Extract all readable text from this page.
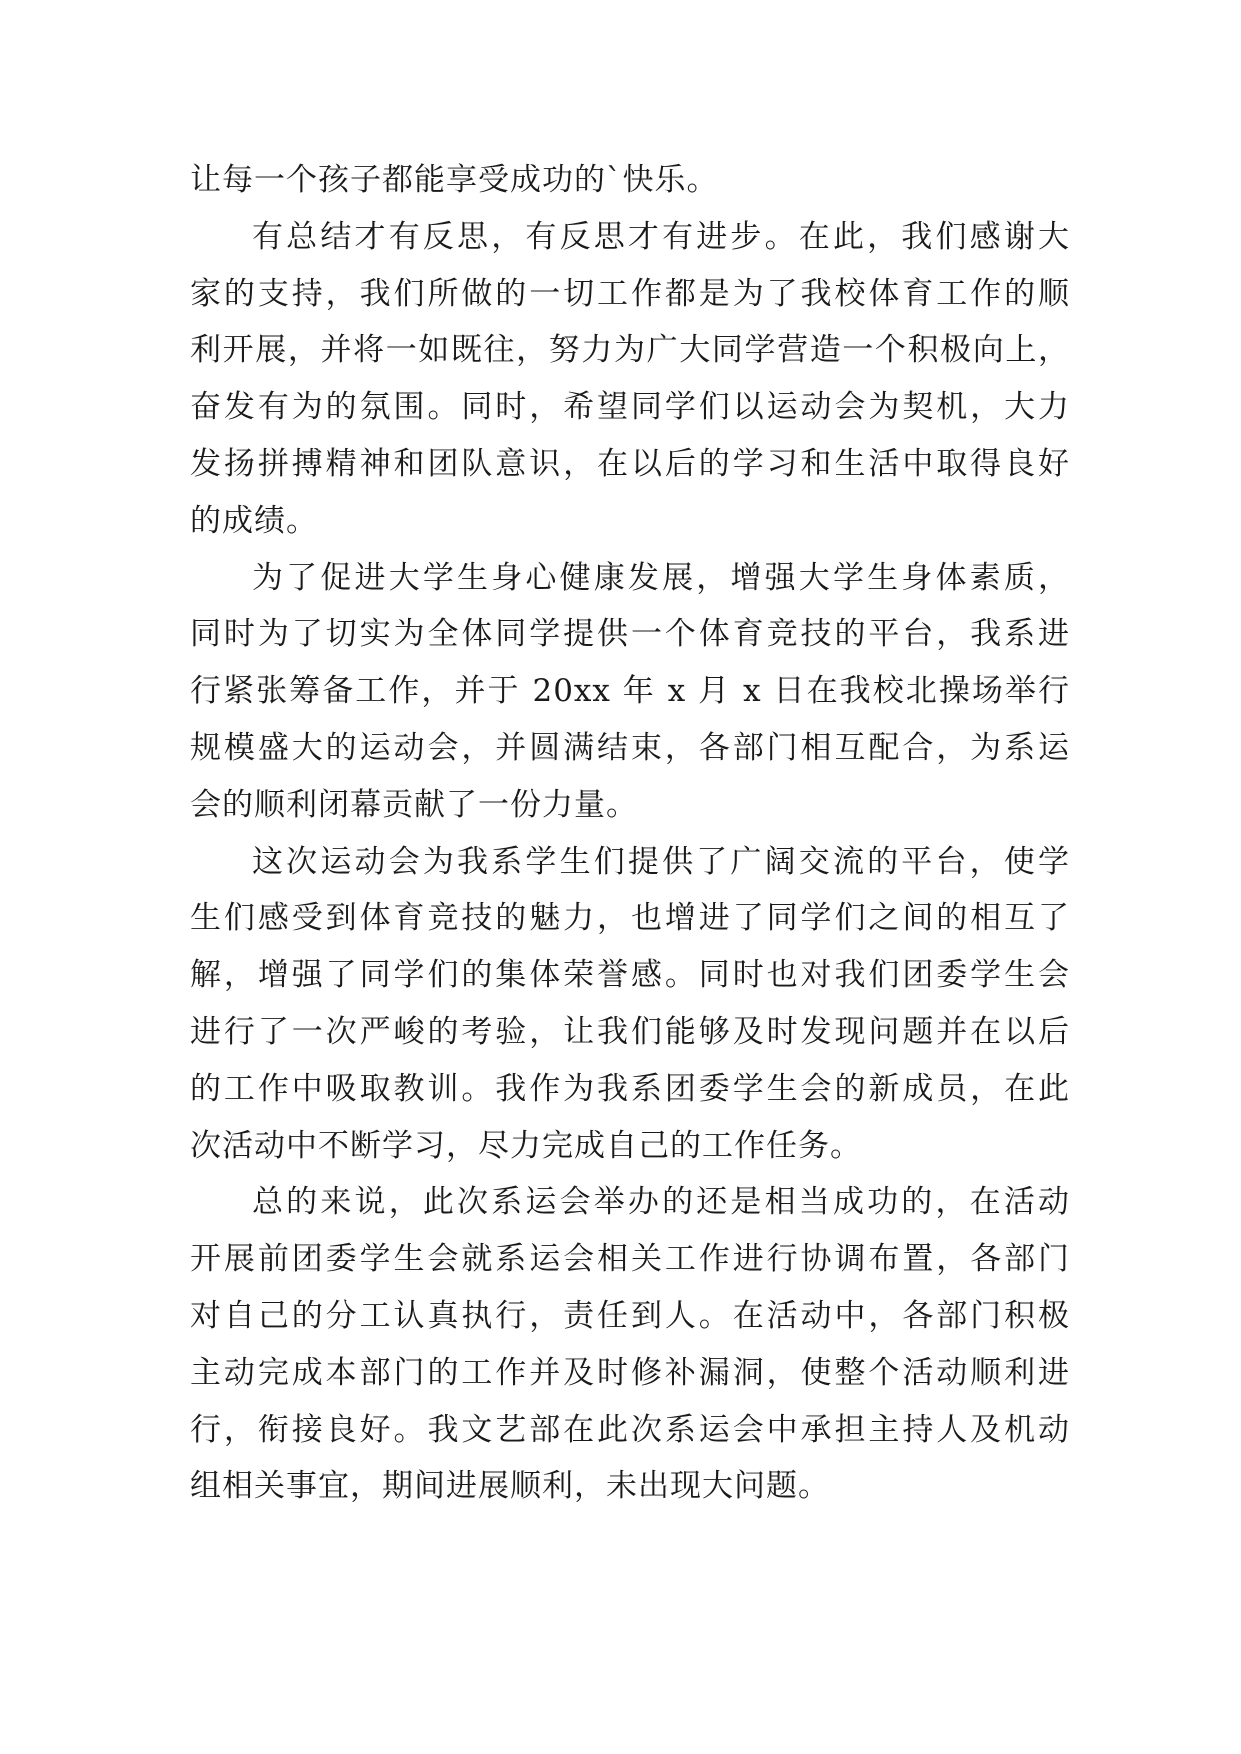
让每一个孩子都能享受成功的`快乐。
有总结才有反思，有反思才有进步。在此，我们感谢大
家的支持，我们所做的一切工作都是为了我校体育工作的顺
利开展，并将一如既往，努力为广大同学营造一个积极向上，
奋发有为的氛围。同时，希望同学们以运动会为契机，大力
发扬拼搏精神和团队意识，在以后的学习和生活中取得良好
的成绩。
为了促进大学生身心健康发展，增强大学生身体素质，
同时为了切实为全体同学提供一个体育竞技的平台，我系进
行紧张筹备工作，并于 20xx 年 x 月 x 日在我校北操场举行
规模盛大的运动会，并圆满结束，各部门相互配合，为系运
会的顺利闭幕贡献了一份力量。
这次运动会为我系学生们提供了广阔交流的平台，使学
生们感受到体育竞技的魅力，也增进了同学们之间的相互了
解，增强了同学们的集体荣誉感。同时也对我们团委学生会
进行了一次严峻的考验，让我们能够及时发现问题并在以后
的工作中吸取教训。我作为我系团委学生会的新成员，在此
次活动中不断学习，尽力完成自己的工作任务。
总的来说，此次系运会举办的还是相当成功的，在活动
开展前团委学生会就系运会相关工作进行协调布置，各部门
对自己的分工认真执行，责任到人。在活动中，各部门积极
主动完成本部门的工作并及时修补漏洞，使整个活动顺利进
行，衔接良好。我文艺部在此次系运会中承担主持人及机动
组相关事宜，期间进展顺利，未出现大问题。
